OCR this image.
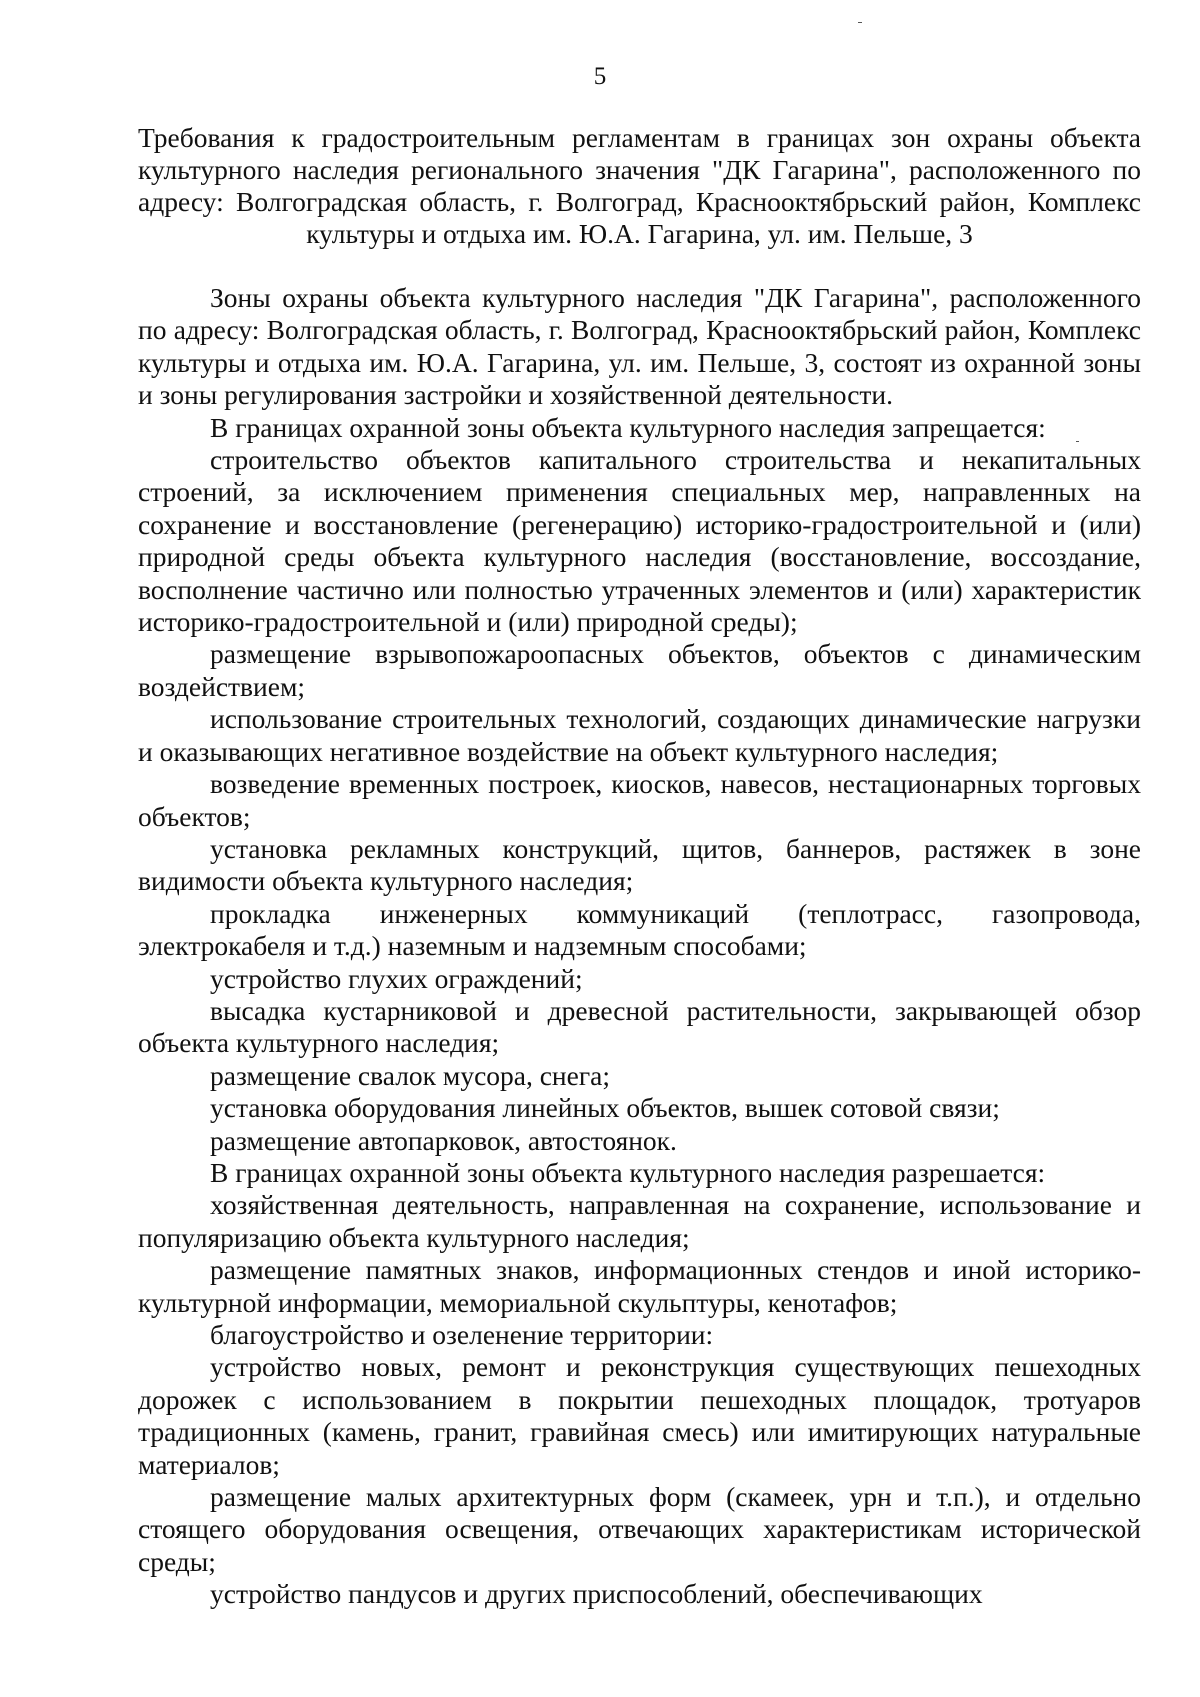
5
Требования к градостроительным регламентам в границах зон охраны объекта культурного наследия регионального значения "ДК Гагарина", расположенного по адресу: Волгоградская область, г. Волгоград, Краснооктябрьский район, Комплекс культуры и отдыха им. Ю.А. Гагарина, ул. им. Пельше, 3

Зоны охраны объекта культурного наследия "ДК Гагарина", расположенного по адресу: Волгоградская область, г. Волгоград, Краснооктябрьский район, Комплекс культуры и отдыха им. Ю.А. Гагарина, ул. им. Пельше, 3, состоят из охранной зоны и зоны регулирования застройки и хозяйственной деятельности.

В границах охранной зоны объекта культурного наследия запрещается:

строительство объектов капитального строительства и некапитальных строений, за исключением применения специальных мер, направленных на сохранение и восстановление (регенерацию) историко-градостроительной и (или) природной среды объекта культурного наследия (восстановление, воссоздание, восполнение частично или полностью утраченных элементов и (или) характеристик историко-градостроительной и (или) природной среды);

размещение взрывопожароопасных объектов, объектов с динамическим воздействием;

использование строительных технологий, создающих динамические нагрузки и оказывающих негативное воздействие на объект культурного наследия;

возведение временных построек, киосков, навесов, нестационарных торговых объектов;

установка рекламных конструкций, щитов, баннеров, растяжек в зоне видимости объекта культурного наследия;

прокладка инженерных коммуникаций (теплотрасс, газопровода, электрокабеля и т.д.) наземным и надземным способами;

устройство глухих ограждений;

высадка кустарниковой и древесной растительности, закрывающей обзор объекта культурного наследия;

размещение свалок мусора, снега;

установка оборудования линейных объектов, вышек сотовой связи;

размещение автопарковок, автостоянок.

В границах охранной зоны объекта культурного наследия разрешается:

хозяйственная деятельность, направленная на сохранение, использование и популяризацию объекта культурного наследия;

размещение памятных знаков, информационных стендов и иной историко-культурной информации, мемориальной скульптуры, кенотафов;

благоустройство и озеленение территории:

устройство новых, ремонт и реконструкция существующих пешеходных дорожек с использованием в покрытии пешеходных площадок, тротуаров традиционных (камень, гранит, гравийная смесь) или имитирующих натуральные материалов;

размещение малых архитектурных форм (скамеек, урн и т.п.), и отдельно стоящего оборудования освещения, отвечающих характеристикам исторической среды;

устройство пандусов и других приспособлений, обеспечивающих
